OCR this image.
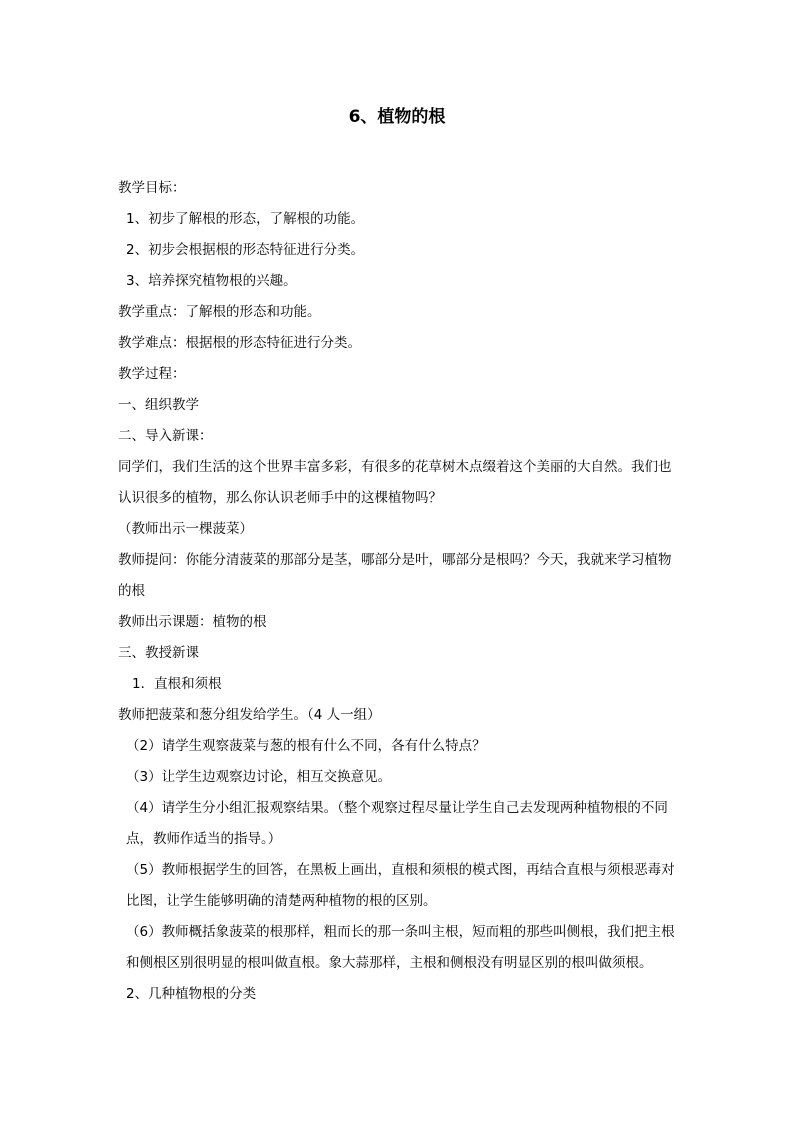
6、植物的根

教学目标：

1、初步了解根的形态，了解根的功能。

2、初步会根据根的形态特征进行分类。

3、培养探究植物根的兴趣。

教学重点：了解根的形态和功能。

教学难点：根据根的形态特征进行分类。

教学过程：

一、组织教学

二、导入新课：

同学们，我们生活的这个世界丰富多彩，有很多的花草树木点缀着这个美丽的大自然。我们也认识很多的植物，那么你认识老师手中的这棵植物吗？

（教师出示一棵菠菜）

教师提问：你能分清菠菜的那部分是茎，哪部分是叶，哪部分是根吗？今天，我就来学习植物的根

教师出示课题：植物的根

三、教授新课

1．直根和须根

教师把菠菜和葱分组发给学生。（4 人一组）

（2）请学生观察菠菜与葱的根有什么不同，各有什么特点？

（3）让学生边观察边讨论，相互交换意见。

（4）请学生分小组汇报观察结果。（整个观察过程尽量让学生自己去发现两种植物根的不同点，教师作适当的指导。）

（5）教师根据学生的回答，在黑板上画出，直根和须根的模式图，再结合直根与须根恶毒对比图，让学生能够明确的清楚两种植物的根的区别。

（6）教师概括象菠菜的根那样，粗而长的那一条叫主根，短而粗的那些叫侧根，我们把主根和侧根区别很明显的根叫做直根。象大蒜那样，主根和侧根没有明显区别的根叫做须根。

2、几种植物根的分类
